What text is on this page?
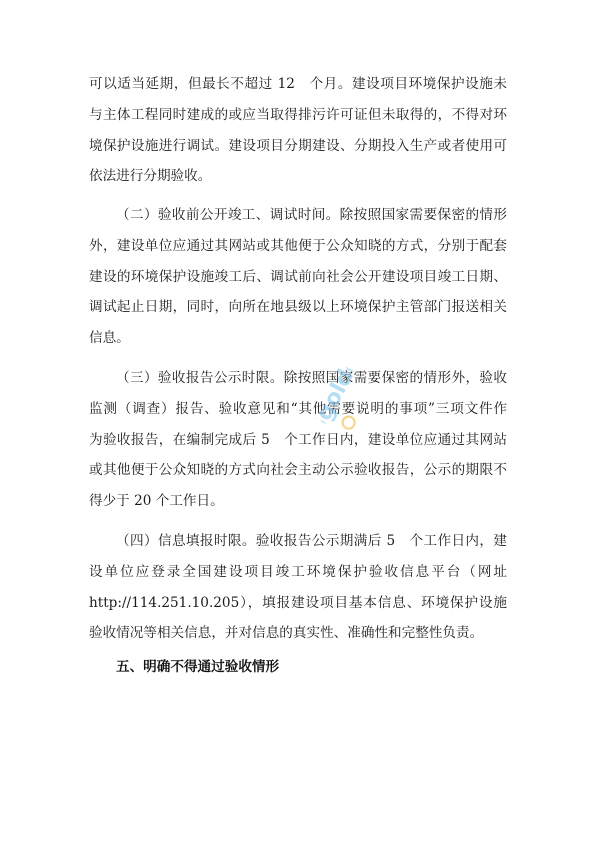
可以适当延期，但最长不超过 12　个月。建设项目环境保护设施未
与主体工程同时建成的或应当取得排污许可证但未取得的，不得对环
境保护设施进行调试。建设项目分期建设、分期投入生产或者使用可
依法进行分期验收。
（二）验收前公开竣工、调试时间。除按照国家需要保密的情形
外，建设单位应通过其网站或其他便于公众知晓的方式，分别于配套
建设的环境保护设施竣工后、调试前向社会公开建设项目竣工日期、
调试起止日期，同时，向所在地县级以上环境保护主管部门报送相关
信息。
（三）验收报告公示时限。除按照国家需要保密的情形外，验收
监测（调查）报告、验收意见和“其他需要说明的事项”三项文件作
为验收报告，在编制完成后 5　个工作日内，建设单位应通过其网站
或其他便于公众知晓的方式向社会主动公示验收报告，公示的期限不
得少于 20 个工作日。
（四）信息填报时限。验收报告公示期满后 5　个工作日内，建
设单位应登录全国建设项目竣工环境保护验收信息平台（网址
http://114.251.10.205），填报建设项目基本信息、环境保护设施
验收情况等相关信息，并对信息的真实性、准确性和完整性负责。
五、明确不得通过验收情形
Sgoldq
